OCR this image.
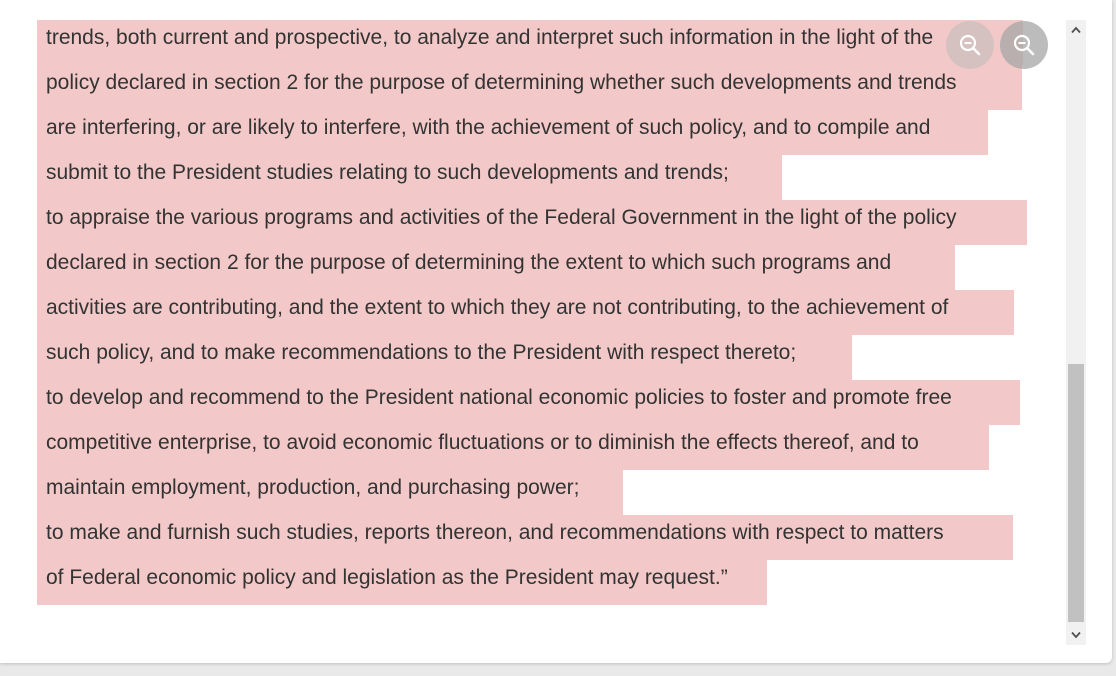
trends, both current and prospective, to analyze and interpret such information in the light of the
policy declared in section 2 for the purpose of determining whether such developments and trends
are interfering, or are likely to interfere, with the achievement of such policy, and to compile and
submit to the President studies relating to such developments and trends;
to appraise the various programs and activities of the Federal Government in the light of the policy
declared in section 2 for the purpose of determining the extent to which such programs and
activities are contributing, and the extent to which they are not contributing, to the achievement of
such policy, and to make recommendations to the President with respect thereto;
to develop and recommend to the President national economic policies to foster and promote free
competitive enterprise, to avoid economic fluctuations or to diminish the effects thereof, and to
maintain employment, production, and purchasing power;
to make and furnish such studies, reports thereon, and recommendations with respect to matters
of Federal economic policy and legislation as the President may request.”
